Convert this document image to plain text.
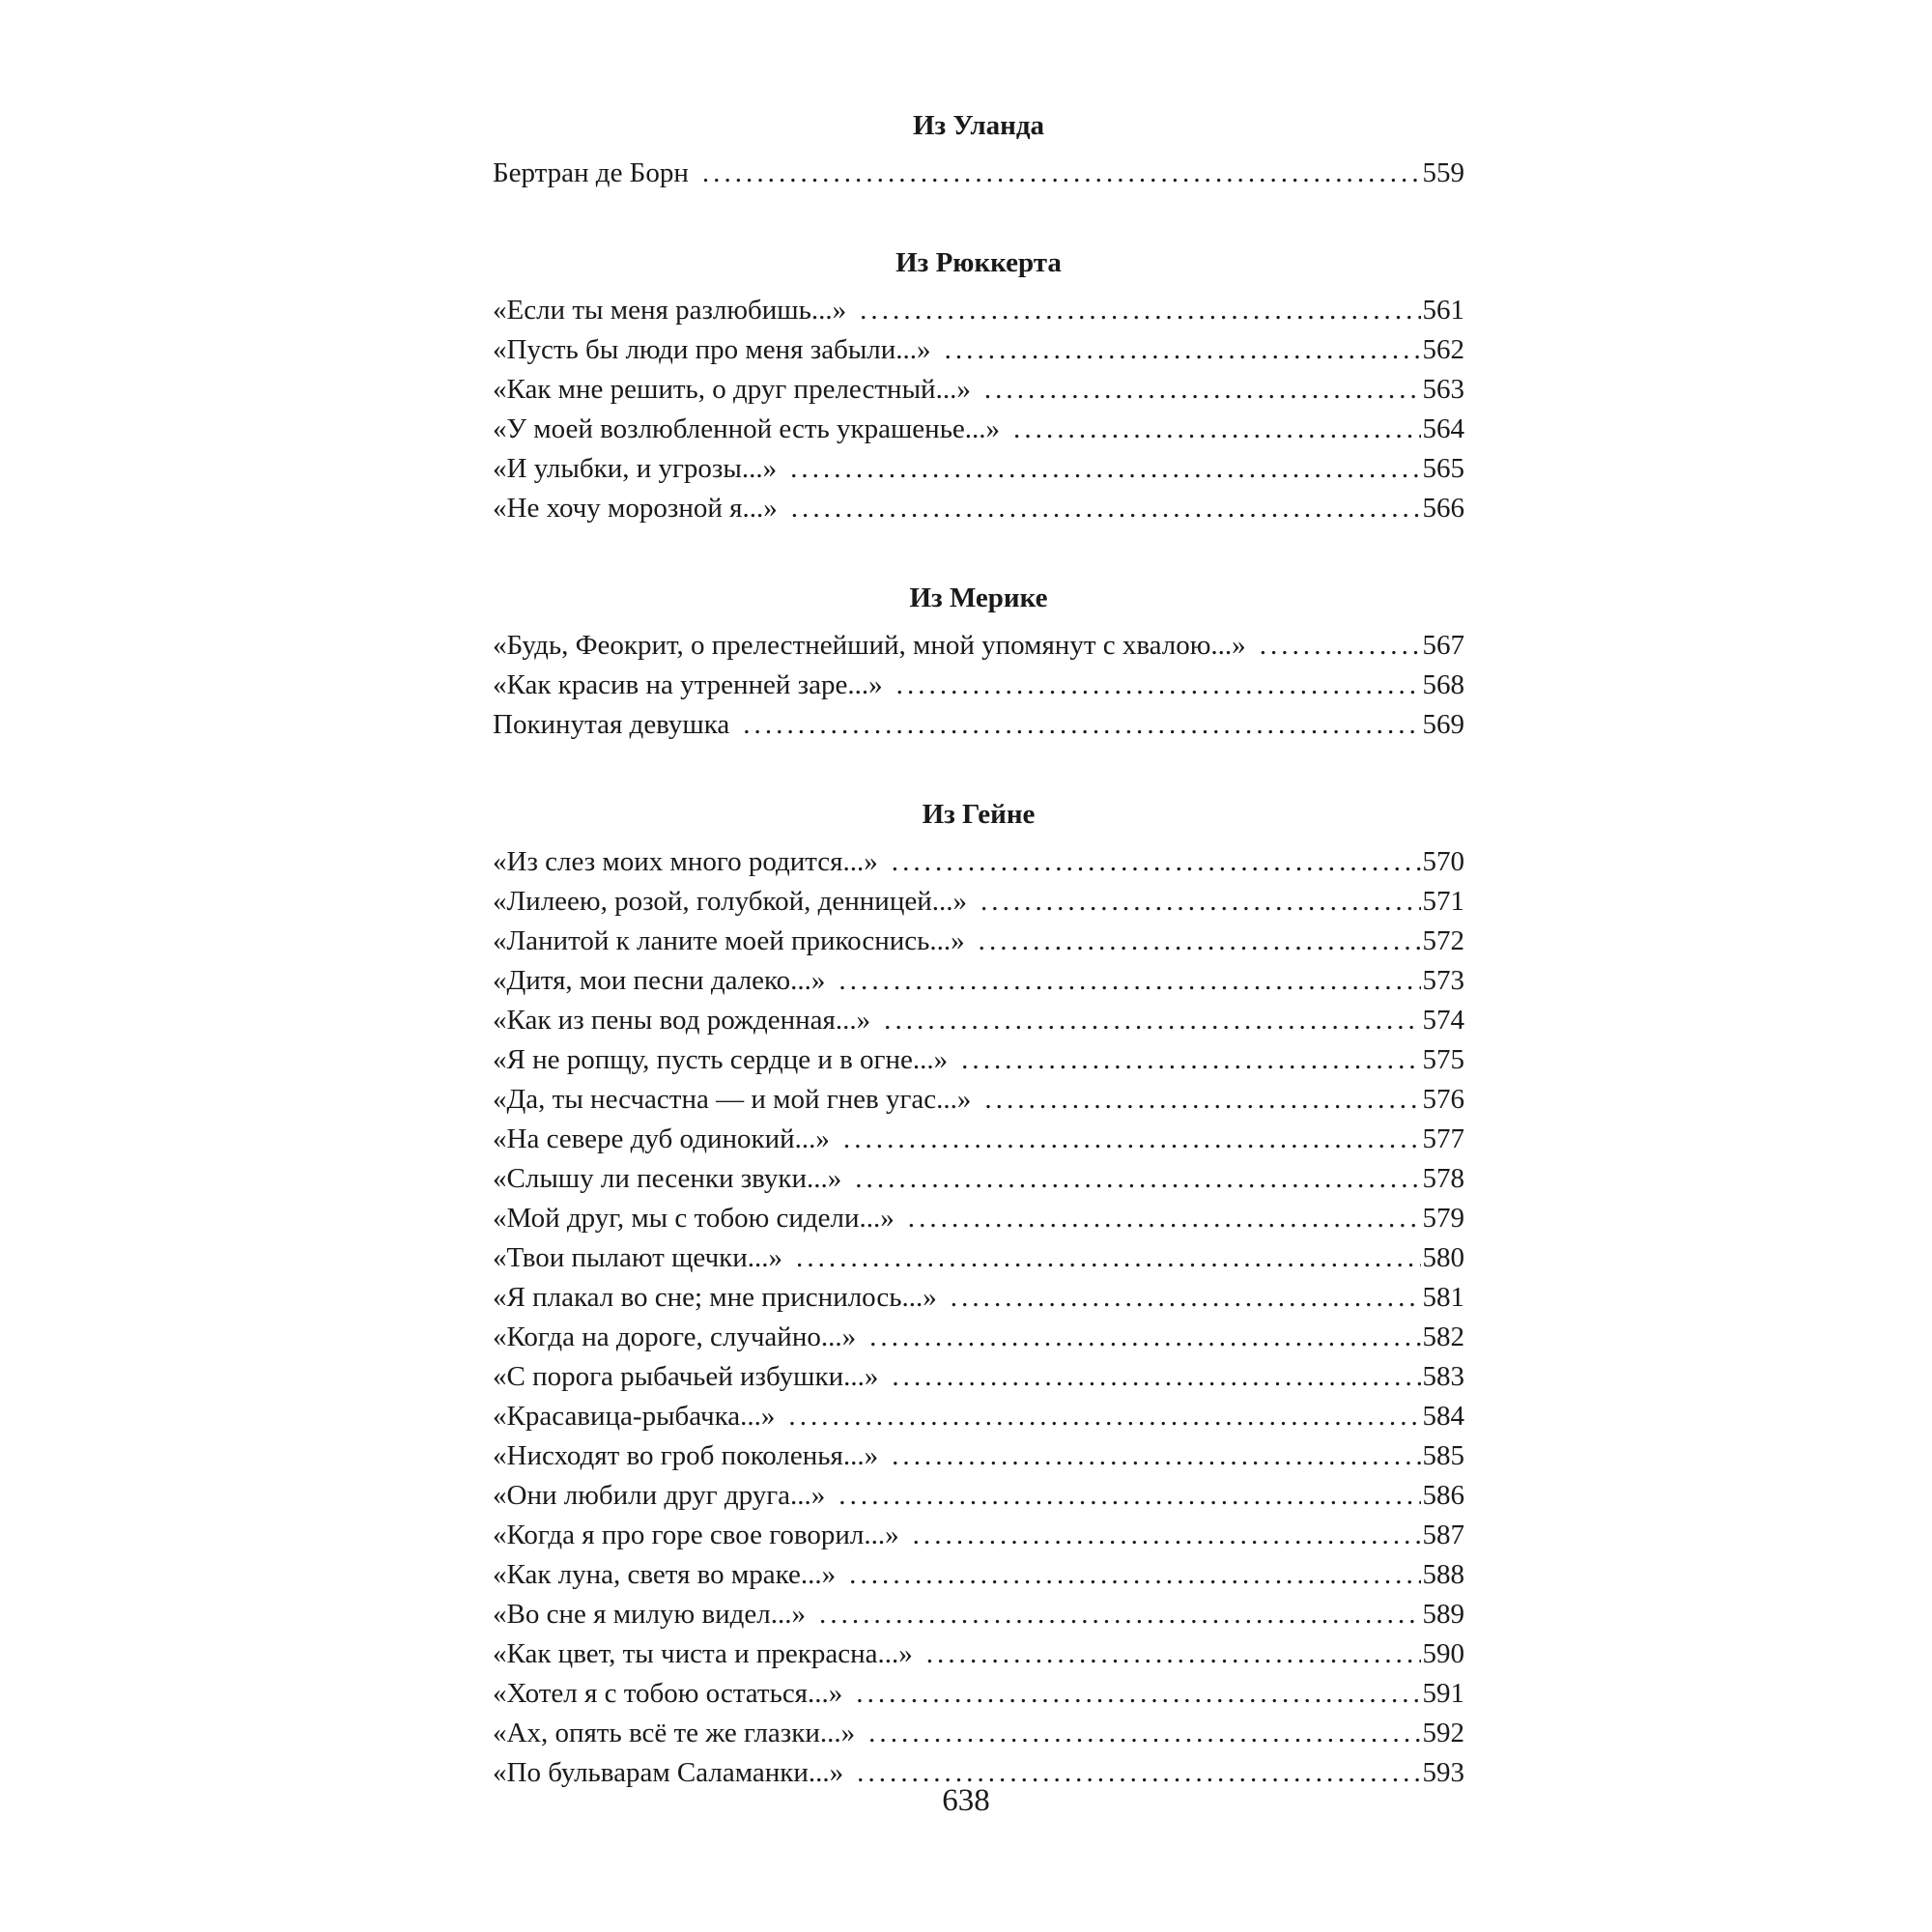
Из Уланда
Бертран де Борн . . .	559
Из Рюккерта
«Если ты меня разлюбишь...» . . .	561
«Пусть бы люди про меня забыли...» . . .	562
«Как мне решить, о друг прелестный...» . . .	563
«У моей возлюбленной есть украшенье...» . . .	564
«И улыбки, и угрозы...» . . .	565
«Не хочу морозной я...» . . .	566
Из Мерике
«Будь, Феокрит, о прелестнейший, мной упомянут с хвалою...» . . .	567
«Как красив на утренней заре...» . . .	568
Покинутая девушка . . .	569
Из Гейне
«Из слез моих много родится...» . . .	570
«Лилеею, розой, голубкой, денницей...» . . .	571
«Ланитой к ланите моей прикоснись...» . . .	572
«Дитя, мои песни далеко...» . . .	573
«Как из пены вод рожденная...» . . .	574
«Я не ропщу, пусть сердце и в огне...» . . .	575
«Да, ты несчастна — и мой гнев угас...» . . .	576
«На севере дуб одинокий...» . . .	577
«Слышу ли песенки звуки...» . . .	578
«Мой друг, мы с тобою сидели...» . . .	579
«Твои пылают щечки...» . . .	580
«Я плакал во сне; мне приснилось...» . . .	581
«Когда на дороге, случайно...» . . .	582
«С порога рыбачьей избушки...» . . .	583
«Красавица-рыбачка...» . . .	584
«Нисходят во гроб поколенья...» . . .	585
«Они любили друг друга...» . . .	586
«Когда я про горе свое говорил...» . . .	587
«Как луна, светя во мраке...» . . .	588
«Во сне я милую видел...» . . .	589
«Как цвет, ты чиста и прекрасна...» . . .	590
«Хотел я с тобою остаться...» . . .	591
«Ах, опять всё те же глазки...» . . .	592
«По бульварам Саламанки...» . . .	593
638
